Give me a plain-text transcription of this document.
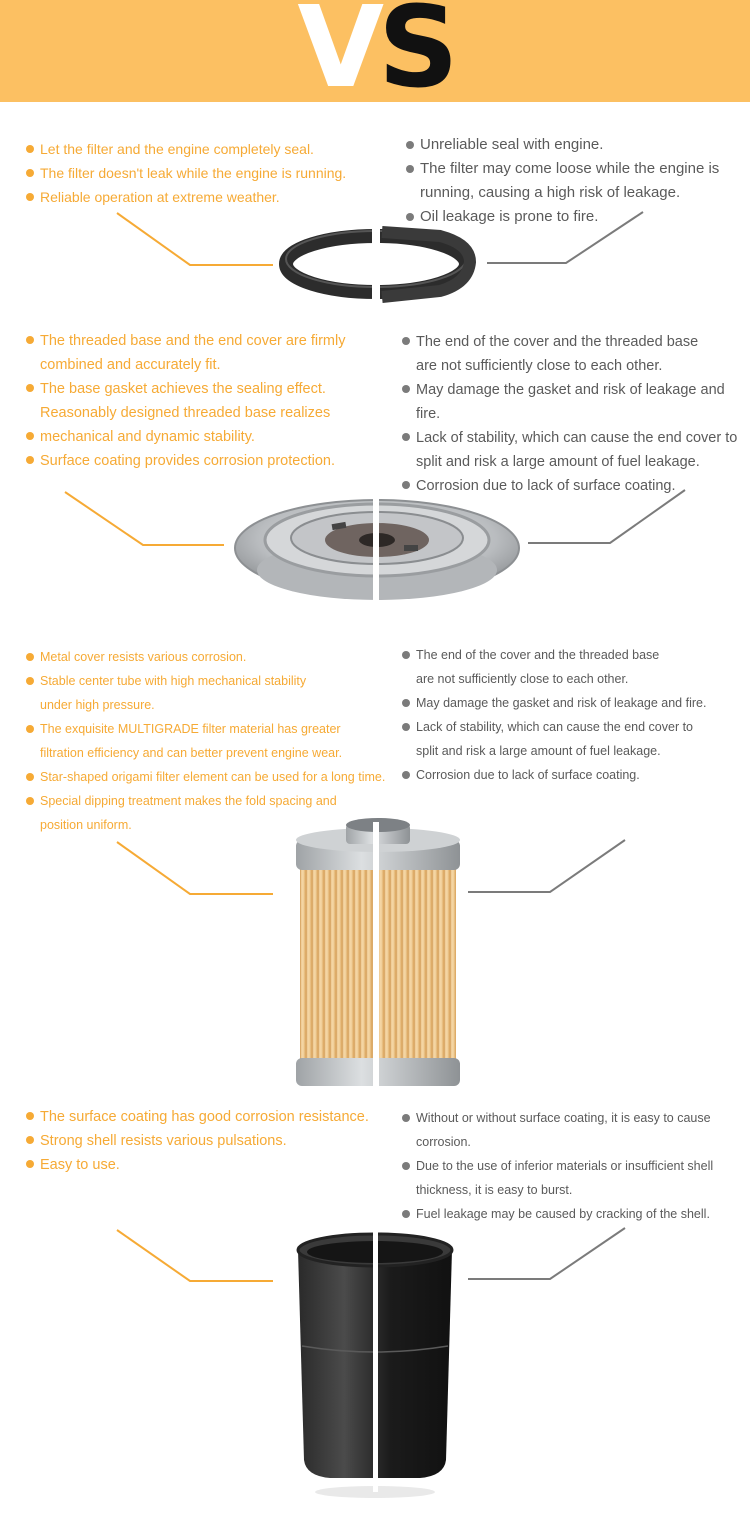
VS
Let the filter and the engine completely seal.
The filter doesn't leak while the engine is running.
Reliable operation at extreme weather.
Unreliable seal with engine.
The filter may come loose while the engine is
running, causing a high risk of leakage.
Oil leakage is prone to fire.
The threaded base and the end cover are firmly
combined and accurately fit.
The base gasket achieves the sealing effect.
Reasonably designed threaded base realizes
mechanical and dynamic stability.
Surface coating provides corrosion protection.
The end of the cover and the threaded base
are not sufficiently close to each other.
May damage the gasket and risk of leakage and fire.
Lack of stability, which can cause the end cover to
split and risk a large amount of fuel leakage.
Corrosion due to lack of surface coating.
Metal cover resists various corrosion.
Stable center tube with high mechanical stability
under high pressure.
The exquisite MULTIGRADE filter material has greater
filtration efficiency and can better prevent engine wear.
Star-shaped origami filter element can be used for a long time.
Special dipping treatment makes the fold spacing and
position uniform.
The end of the cover and the threaded base
are not sufficiently close to each other.
May damage the gasket and risk of leakage and fire.
Lack of stability, which can cause the end cover to
split and risk a large amount of fuel leakage.
Corrosion due to lack of surface coating.
The surface coating has good corrosion resistance.
Strong shell resists various pulsations.
Easy to use.
Without or without surface coating, it is easy to cause
corrosion.
Due to the use of inferior materials or insufficient shell
thickness, it is easy to burst.
Fuel leakage may be caused by cracking of the shell.
